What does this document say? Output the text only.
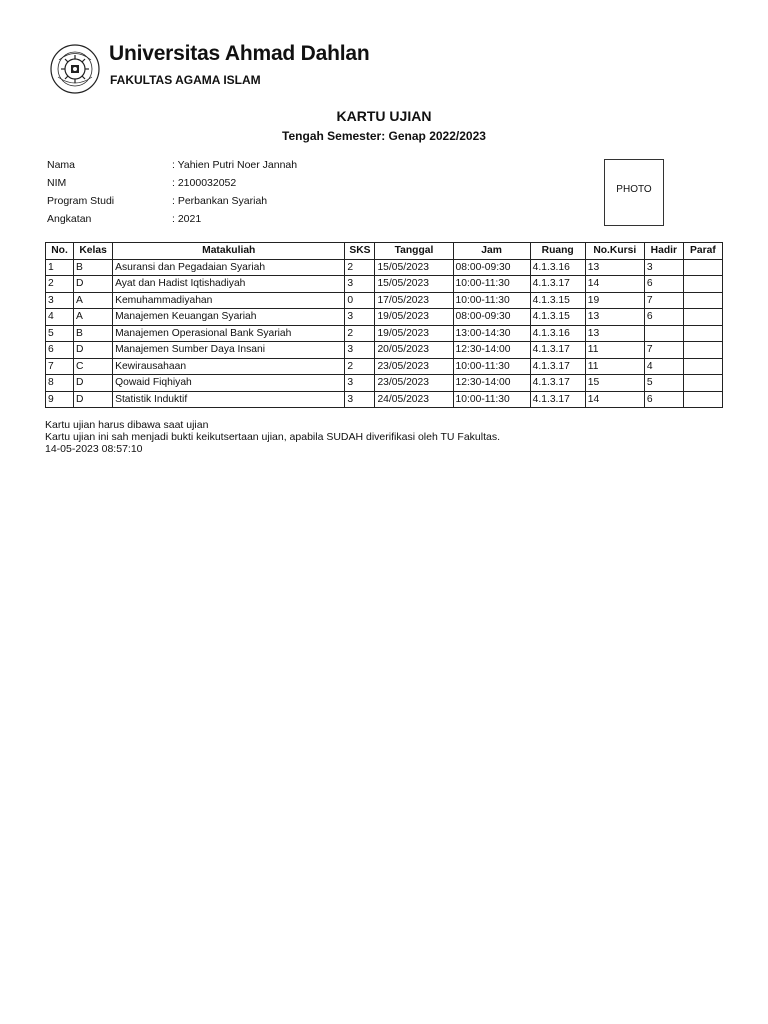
Universitas Ahmad Dahlan
FAKULTAS AGAMA ISLAM
KARTU UJIAN
Tengah Semester: Genap 2022/2023
Nama	: Yahien Putri Noer Jannah
NIM	: 2100032052
Program Studi	: Perbankan Syariah
Angkatan	: 2021
PHOTO
No.	Kelas	Matakuliah	SKS	Tanggal	Jam	Ruang	No.Kursi	Hadir	Paraf
1	B	Asuransi dan Pegadaian Syariah	2	15/05/2023	08:00-09:30	4.1.3.16	13	3	
2	D	Ayat dan Hadist Iqtishadiyah	3	15/05/2023	10:00-11:30	4.1.3.17	14	6	
3	A	Kemuhammadiyahan	0	17/05/2023	10:00-11:30	4.1.3.15	19	7	
4	A	Manajemen Keuangan Syariah	3	19/05/2023	08:00-09:30	4.1.3.15	13	6	
5	B	Manajemen Operasional Bank Syariah	2	19/05/2023	13:00-14:30	4.1.3.16	13		
6	D	Manajemen Sumber Daya Insani	3	20/05/2023	12:30-14:00	4.1.3.17	11	7	
7	C	Kewirausahaan	2	23/05/2023	10:00-11:30	4.1.3.17	11	4	
8	D	Qowaid Fiqhiyah	3	23/05/2023	12:30-14:00	4.1.3.17	15	5	
9	D	Statistik Induktif	3	24/05/2023	10:00-11:30	4.1.3.17	14	6	
Kartu ujian harus dibawa saat ujian
Kartu ujian ini sah menjadi bukti keikutsertaan ujian, apabila SUDAH diverifikasi oleh TU Fakultas.
14-05-2023 08:57:10
